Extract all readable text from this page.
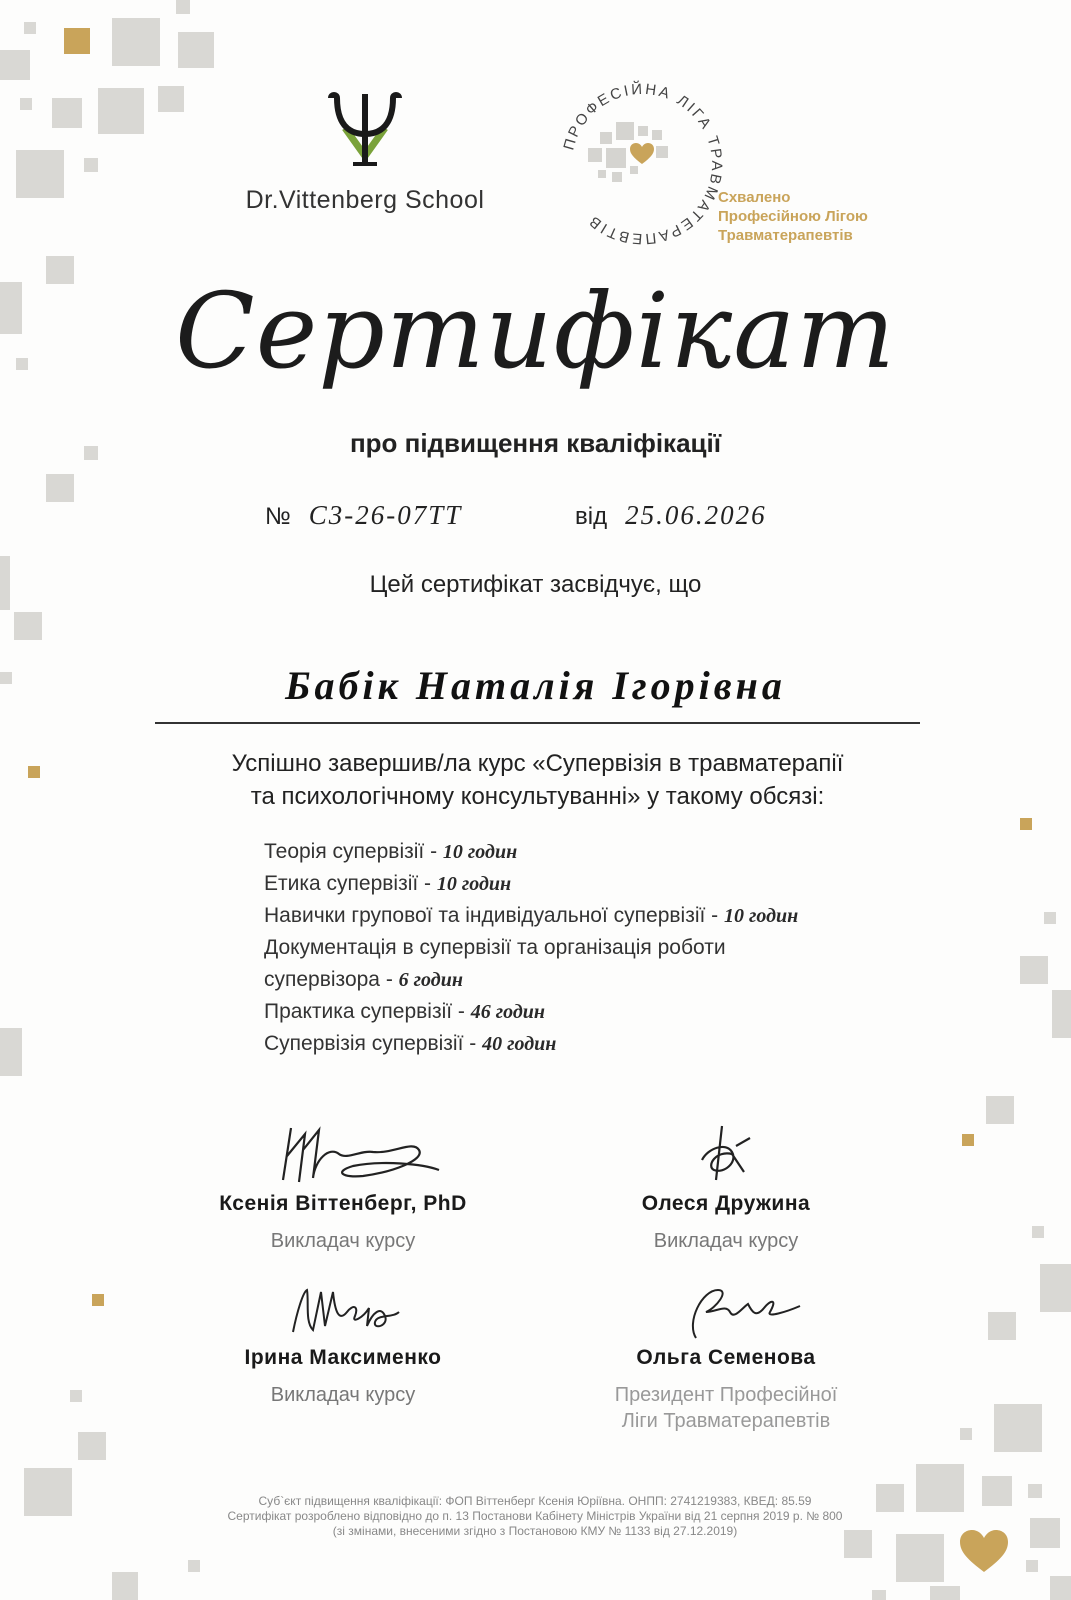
Dr.Vittenberg School
ПРОФЕСІЙНА ЛІГА ТРАВМАТЕРАПЕВТІВ
Схвалено
Професійною Лігою
Травматерапевтів
Сертифікат
про підвищення кваліфікації
№ С3-26-07ТТ	від 25.06.2026
Цей сертифікат засвідчує, що
Бабік Наталія Ігорівна
Успішно завершив/ла курс «Супервізія в травматерапії
та психологічному консультуванні» у такому обсязі:
Теорія супервізії - 10 годин
Етика супервізії - 10 годин
Навички групової та індивідуальної супервізії - 10 годин
Документація в супервізії та організація роботи
супервізора - 6 годин
Практика супервізії - 46 годин
Супервізія супервізії - 40 годин
Ксенія Віттенберг, PhD
Викладач курсу
Олеся Дружина
Викладач курсу
Ірина Максименко
Викладач курсу
Ольга Семенова
Президент Професійної
Ліги Травматерапевтів
Суб`єкт підвищення кваліфікації: ФОП Віттенберг Ксенія Юріївна. ОНПП: 2741219383, КВЕД: 85.59
Сертифікат розроблено відповідно до п. 13 Постанови Кабінету Міністрів України від 21 серпня 2019 р. № 800
(зі змінами, внесеними згідно з Постановою КМУ № 1133 від 27.12.2019)
